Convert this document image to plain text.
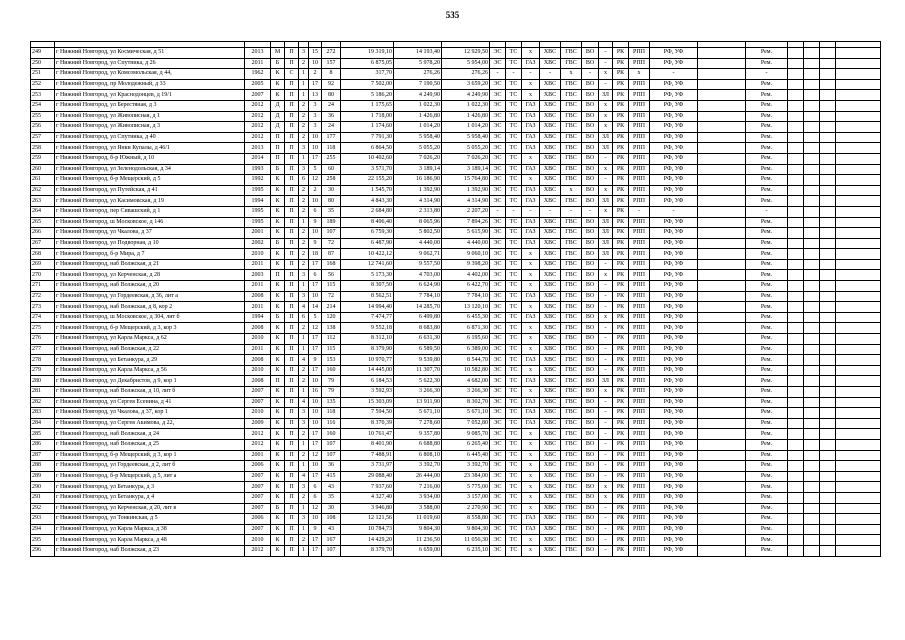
535

249	г Нижний Новгород, ул Космическая, д 51	2013	М	П	3	15	272	19 319,10	14 193,40	12 929,50	ЭС	ТС	х	ХВС	ГВС	ВО	-	РК	РПП	РФ, УФ		Рем.				
250	г Нижний Новгород, ул Спутника, д 26	2011	Б	П	2	10	157	6 875,05	5 978,20	5 954,00	ЭС	ТС	ГАЗ	ХВС	ГВС	ВО	-	РК	РПП	РФ, УФ		Рем.				
251	г Нижний Новгород, ул Комсомольская, д 44,	1962	К	С	1	2	8	317,70	276,26	276,26	-	-	-	-	х	-	х	РК	х	-		-				
252	г Нижний Новгород, пр Молодежный, д 33	2005	К	П	1	17	92	7 502,00	7 190,50	3 659,20	ЭС	ТС	х	ХВС	ГВС	ВО	-	РК	РПП	РФ, УФ		Рем.				
253	г Нижний Новгород, ул Краснодонцев, д 19/1	2007	К	П	1	13	80	5 186,20	4 249,90	4 249,90	ЭС	ТС	х	ХВС	ГВС	ВО	ЗЛ	РК	РПП	РФ, УФ		Рем.				
254	г Нижний Новгород, ул Берестяная, д 3	2012	Д	П	2	3	24	1 175,65	1 022,30	1 022,30	ЭС	ТС	ГАЗ	ХВС	ГВС	ВО	х	РК	РПП	РФ, УФ		Рем.				
255	г Нижний Новгород, ул Живописная, д 1	2012	Д	П	2	3	36	1 718,00	1 426,80	1 426,80	ЭС	ТС	ГАЗ	ХВС	ГВС	ВО	х	РК	РПП	РФ, УФ		Рем.				
256	г Нижний Новгород, ул Живописная, д 3	2012	Д	П	2	3	24	1 174,60	1 014,20	1 014,20	ЭС	ТС	ГАЗ	ХВС	ГВС	ВО	х	РК	РПП	РФ, УФ		Рем.				
257	г Нижний Новгород, ул Спутника, д 40	2012	П	П	2	10	177	7 791,30	5 958,40	5 958,40	ЭС	ТС	ГАЗ	ХВС	ГВС	ВО	ЗЛ	РК	РПП	РФ, УФ		Рем.				
258	г Нижний Новгород, ул Янки Купалы, д 46/1	2013	П	П	3	10	118	6 864,50	5 055,20	5 055,20	ЭС	ТС	ГАЗ	ХВС	ГВС	ВО	ЗЛ	РК	РПП	РФ, УФ		Рем.				
259	г Нижний Новгород, б-р Южный, д 10	2014	П	П	1	17	255	10 402,60	7 026,20	7 026,20	ЭС	ТС	х	ХВС	ГВС	ВО	-	РК	РПП	РФ, УФ		Рем.				
260	г Нижний Новгород, ул Зеленодольская, д 34	1993	Б	П	3	5	60	3 571,70	3 189,14	3 189,14	ЭС	ТС	ГАЗ	ХВС	ГВС	ВО	х	РК	РПП	РФ, УФ		Рем.				
261	г Нижний Новгород, б-р Мещерский, д 5	1992	К	П	6	12	258	22 155,20	16 186,90	15 764,80	ЭС	ТС	х	ХВС	ГВС	ВО	-	РК	РПП	РФ, УФ		Рем.				
262	г Нижний Новгород, ул Путейская, д 41	1995	К	П	2	2	30	1 545,70	1 392,90	1 392,90	ЭС	ТС	ГАЗ	ХВС	х	ВО	х	РК	РПП	РФ, УФ		Рем.				
263	г Нижний Новгород, ул Касимовская, д 19	1994	К	П	2	10	80	4 843,30	4 314,90	4 314,90	ЭС	ТС	ГАЗ	ХВС	ГВС	ВО	ЗЛ	РК	РПП	РФ, УФ		Рем.				
264	г Нижний Новгород, пер Сивашский, д 1	1995	К	П	2	6	35	2 684,80	2 313,80	2 207,20	-	-	-	-	-	-	х	РК	-	-		-				
265	г Нижний Новгород, ш Московское, д 146	1995	К	П	1	9	189	8 496,40	8 065,96	7 894,26	ЭС	ТС	ГАЗ	ХВС	ГВС	ВО	ЗЛ	РК	РПП	РФ, УФ		Рем.				
266	г Нижний Новгород, ул Чкалова, д 37	2001	К	П	2	10	107	6 759,30	5 802,50	5 615,90	ЭС	ТС	ГАЗ	ХВС	ГВС	ВО	ЗЛ	РК	РПП	РФ, УФ		Рем.				
267	г Нижний Новгород, ул Подворная, д 10	2002	Б	П	2	9	72	6 487,90	4 440,00	4 440,00	ЭС	ТС	ГАЗ	ХВС	ГВС	ВО	ЗЛ	РК	РПП	РФ, УФ		Рем.				
268	г Нижний Новгород, б-р Мира, д 7	2010	К	П	2	18	87	10 422,12	9 062,71	9 060,10	ЭС	ТС	х	ХВС	ГВС	ВО	ЗЛ	РК	РПП	РФ, УФ		Рем.				
269	г Нижний Новгород, наб Волжская, д 21	2011	К	П	2	17	168	12 741,60	9 557,50	9 398,20	ЭС	ТС	х	ХВС	ГВС	ВО	-	РК	РПП	РФ, УФ		Рем.				
270	г Нижний Новгород, ул Керченская, д 28	2003	П	П	3	6	56	5 173,30	4 703,00	4 402,00	ЭС	ТС	х	ХВС	ГВС	ВО	х	РК	РПП	РФ, УФ		Рем.				
271	г Нижний Новгород, наб Волжская, д 20	2011	К	П	1	17	115	8 307,50	6 624,90	6 422,70	ЭС	ТС	х	ХВС	ГВС	ВО	-	РК	РПП	РФ, УФ		Рем.				
272	г Нижний Новгород, ул Гордеевская, д 36, лит а	2008	К	П	3	10	72	8 562,51	7 784,10	7 784,10	ЭС	ТС	ГАЗ	ХВС	ГВС	ВО	-	РК	РПП	РФ, УФ		Рем.				
273	г Нижний Новгород, наб Волжская, д 8, кор 2	2011	К	П	4	14	214	14 994,40	14 285,70	13 120,10	ЭС	ТС	х	ХВС	ГВС	ВО	-	РК	РПП	РФ, УФ		Рем.				
274	г Нижний Новгород, ш Московское, д 304, лит б	1994	Б	П	6	5	120	7 474,77	6 499,80	6 455,30	ЭС	ТС	ГАЗ	ХВС	ГВС	ВО	х	РК	РПП	РФ, УФ		Рем.				
275	г Нижний Новгород, б-р Мещерский, д 3, кор 3	2008	К	П	2	12	138	9 552,18	8 683,80	6 871,30	ЭС	ТС	х	ХВС	ГВС	ВО	-	РК	РПП	РФ, УФ		Рем.				
276	г Нижний Новгород, ул Карла Маркса, д 62	2010	К	П	1	17	112	8 312,10	6 631,30	6 195,60	ЭС	ТС	х	ХВС	ГВС	ВО	-	РК	РПП	РФ, УФ		Рем.				
277	г Нижний Новгород, наб Волжская, д 22	2011	К	П	1	17	115	8 379,90	6 589,50	6 389,00	ЭС	ТС	х	ХВС	ГВС	ВО	-	РК	РПП	РФ, УФ		Рем.				
278	г Нижний Новгород, ул Бетанкура, д 29	2008	К	П	4	9	153	10 970,77	9 539,80	8 544,70	ЭС	ТС	ГАЗ	ХВС	ГВС	ВО	-	РК	РПП	РФ, УФ		Рем.				
279	г Нижний Новгород, ул Карла Маркса, д 56	2010	К	П	2	17	160	14 445,00	11 307,70	10 582,80	ЭС	ТС	х	ХВС	ГВС	ВО	-	РК	РПП	РФ, УФ		Рем.				
280	г Нижний Новгород, ул Декабристов, д 9, кор 1	2008	П	П	2	10	79	6 184,53	5 622,30	4 682,00	ЭС	ТС	ГАЗ	ХВС	ГВС	ВО	ЗЛ	РК	РПП	РФ, УФ		Рем.				
281	г Нижний Новгород, наб Волжская, д 10, лит б	2007	К	П	1	16	79	3 592,93	3 266,30	3 266,30	ЭС	ТС	х	ХВС	ГВС	ВО	х	РК	РПП	РФ, УФ		Рем.				
282	г Нижний Новгород, ул Сергея Есенина, д 41	2007	К	П	4	10	135	15 303,09	13 911,90	8 302,70	ЭС	ТС	ГАЗ	ХВС	ГВС	ВО	-	РК	РПП	РФ, УФ		Рем.				
283	г Нижний Новгород, ул Чкалова, д 37, кор 1	2010	К	П	3	10	118	7 594,50	5 671,10	5 671,10	ЭС	ТС	ГАЗ	ХВС	ГВС	ВО	-	РК	РПП	РФ, УФ		Рем.				
284	г Нижний Новгород, ул Сергея Акимова, д 22,	2009	К	П	3	10	116	8 370,39	7 278,60	7 052,80	ЭС	ТС	ГАЗ	ХВС	ГВС	ВО	-	РК	РПП	РФ, УФ		Рем.				
285	г Нижний Новгород, наб Волжская, д 24	2012	К	П	2	17	160	10 761,47	9 357,80	9 085,70	ЭС	ТС	х	ХВС	ГВС	ВО	-	РК	РПП	РФ, УФ		Рем.				
286	г Нижний Новгород, наб Волжская, д 25	2012	К	П	1	17	107	8 401,90	6 688,80	6 265,40	ЭС	ТС	х	ХВС	ГВС	ВО	-	РК	РПП	РФ, УФ		Рем.				
287	г Нижний Новгород, б-р Мещерский, д 3, кор 1	2001	К	П	2	12	107	7 488,91	6 808,10	6 445,40	ЭС	ТС	х	ХВС	ГВС	ВО	-	РК	РПП	РФ, УФ		Рем.				
288	г Нижний Новгород, ул Гордеевская, д 2, лит б	2006	К	П	1	10	36	3 731,97	3 392,70	3 392,70	ЭС	ТС	х	ХВС	ГВС	ВО	-	РК	РПП	РФ, УФ		Рем.				
289	г Нижний Новгород, б-р Мещерский, д 5, лит а	2007	К	П	4	17	415	29 088,40	26 444,00	23 384,00	ЭС	ТС	х	ХВС	ГВС	ВО	-	РК	РПП	РФ, УФ		Рем.				
290	г Нижний Новгород, ул Бетанкура, д 3	2007	К	П	3	6	43	7 937,60	7 216,00	5 775,00	ЭС	ТС	х	ХВС	ГВС	ВО	х	РК	РПП	РФ, УФ		Рем.				
291	г Нижний Новгород, ул Бетанкура, д 4	2007	К	П	2	6	35	4 327,40	3 934,00	3 157,00	ЭС	ТС	х	ХВС	ГВС	ВО	х	РК	РПП	РФ, УФ		Рем.				
292	г Нижний Новгород, ул Керченская, д 20, лит в	2007	Б	П	1	12	30	3 946,80	3 588,00	2 270,90	ЭС	ТС	х	ХВС	ГВС	ВО	-	РК	РПП	РФ, УФ		Рем.				
293	г Нижний Новгород, ул Тонкинская, д 5	2006	К	П	3	10	108	12 121,56	11 019,60	8 558,80	ЭС	ТС	ГАЗ	ХВС	ГВС	ВО	-	РК	РПП	РФ, УФ		Рем.				
294	г Нижний Новгород, ул Карла Маркса, д 38	2007	К	П	1	9	43	10 784,73	9 804,30	9 804,30	ЭС	ТС	ГАЗ	ХВС	ГВС	ВО	-	РК	РПП	РФ, УФ		Рем.				
295	г Нижний Новгород, ул Карла Маркса, д 48	2010	К	П	2	17	167	14 429,20	11 236,50	11 056,30	ЭС	ТС	х	ХВС	ГВС	ВО	-	РК	РПП	РФ, УФ		Рем.				
296	г Нижний Новгород, наб Волжская, д 23	2012	К	П	1	17	107	8 379,70	6 659,00	6 235,10	ЭС	ТС	х	ХВС	ГВС	ВО	-	РК	РПП	РФ, УФ		Рем.				
